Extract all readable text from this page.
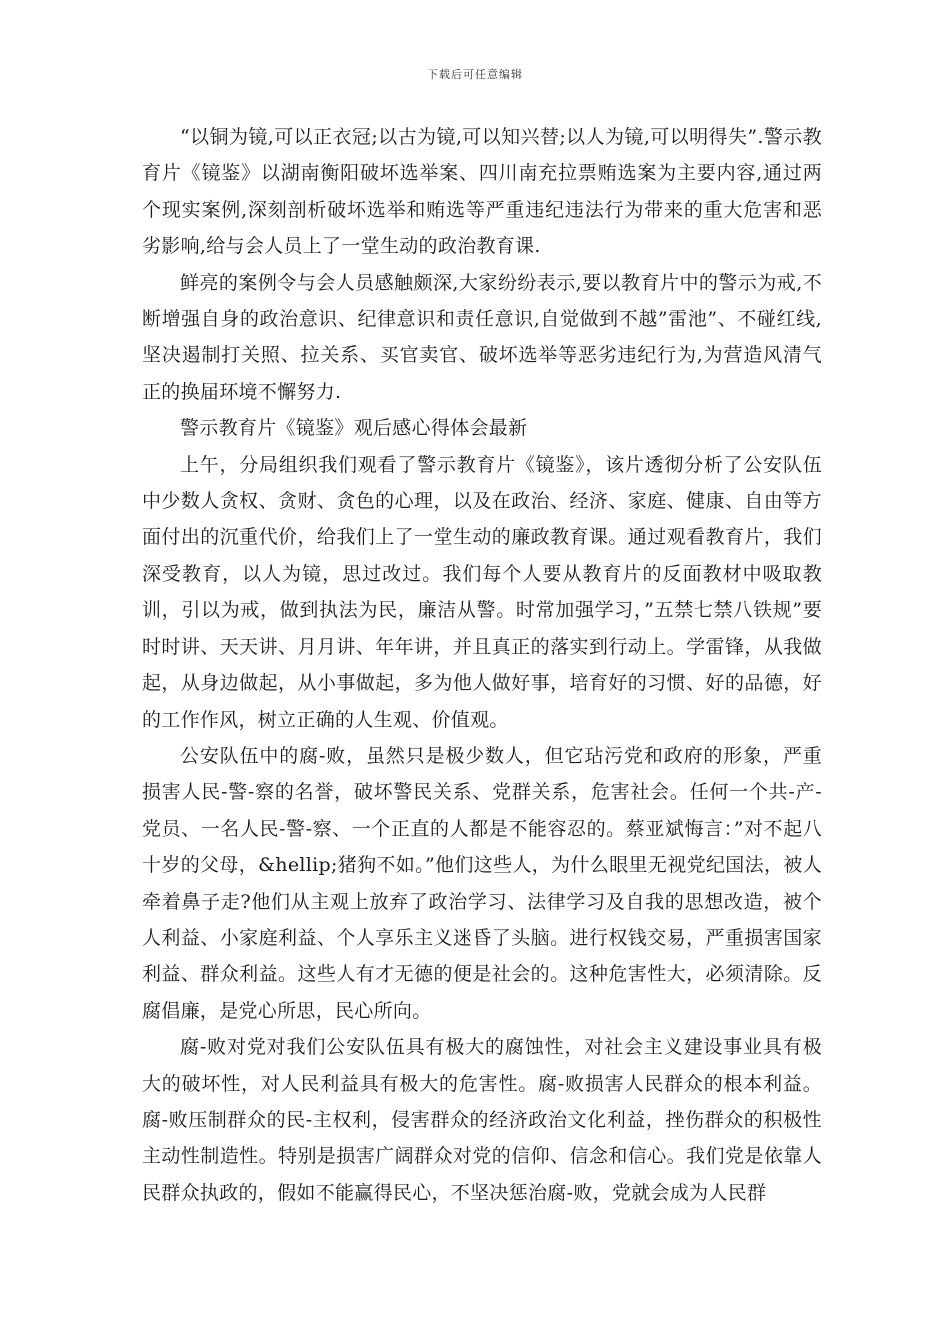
下载后可任意编辑

“以铜为镜,可以正衣冠;以古为镜,可以知兴替;以人为镜,可以明得失”.警示教育片《镜鉴》以湖南衡阳破坏选举案、四川南充拉票贿选案为主要内容,通过两个现实案例,深刻剖析破坏选举和贿选等严重违纪违法行为带来的重大危害和恶劣影响,给与会人员上了一堂生动的政治教育课.

鲜亮的案例令与会人员感触颇深,大家纷纷表示,要以教育片中的警示为戒,不断增强自身的政治意识、纪律意识和责任意识,自觉做到不越”雷池”、不碰红线,坚决遏制打关照、拉关系、买官卖官、破坏选举等恶劣违纪行为,为营造风清气正的换届环境不懈努力.

警示教育片《镜鉴》观后感心得体会最新

上午，分局组织我们观看了警示教育片《镜鉴》，该片透彻分析了公安队伍中少数人贪权、贪财、贪色的心理，以及在政治、经济、家庭、健康、自由等方面付出的沉重代价，给我们上了一堂生动的廉政教育课。通过观看教育片，我们深受教育，以人为镜，思过改过。我们每个人要从教育片的反面教材中吸取教训，引以为戒，做到执法为民，廉洁从警。时常加强学习，”五禁七禁八铁规”要时时讲、天天讲、月月讲、年年讲，并且真正的落实到行动上。学雷锋，从我做起，从身边做起，从小事做起，多为他人做好事，培育好的习惯、好的品德，好的工作作风，树立正确的人生观、价值观。

公安队伍中的腐-败，虽然只是极少数人，但它玷污党和政府的形象，严重损害人民-警-察的名誉，破坏警民关系、党群关系，危害社会。任何一个共-产-党员、一名人民-警-察、一个正直的人都是不能容忍的。蔡亚斌悔言：”对不起八十岁的父母，&hellip;猪狗不如。”他们这些人，为什么眼里无视党纪国法，被人牵着鼻子走?他们从主观上放弃了政治学习、法律学习及自我的思想改造，被个人利益、小家庭利益、个人享乐主义迷昏了头脑。进行权钱交易，严重损害国家利益、群众利益。这些人有才无德的便是社会的。这种危害性大，必须清除。反腐倡廉，是党心所思，民心所向。

腐-败对党对我们公安队伍具有极大的腐蚀性，对社会主义建设事业具有极大的破坏性，对人民利益具有极大的危害性。腐-败损害人民群众的根本利益。腐-败压制群众的民-主权利，侵害群众的经济政治文化利益，挫伤群众的积极性主动性制造性。特别是损害广阔群众对党的信仰、信念和信心。我们党是依靠人民群众执政的，假如不能赢得民心，不坚决惩治腐-败，党就会成为人民群
